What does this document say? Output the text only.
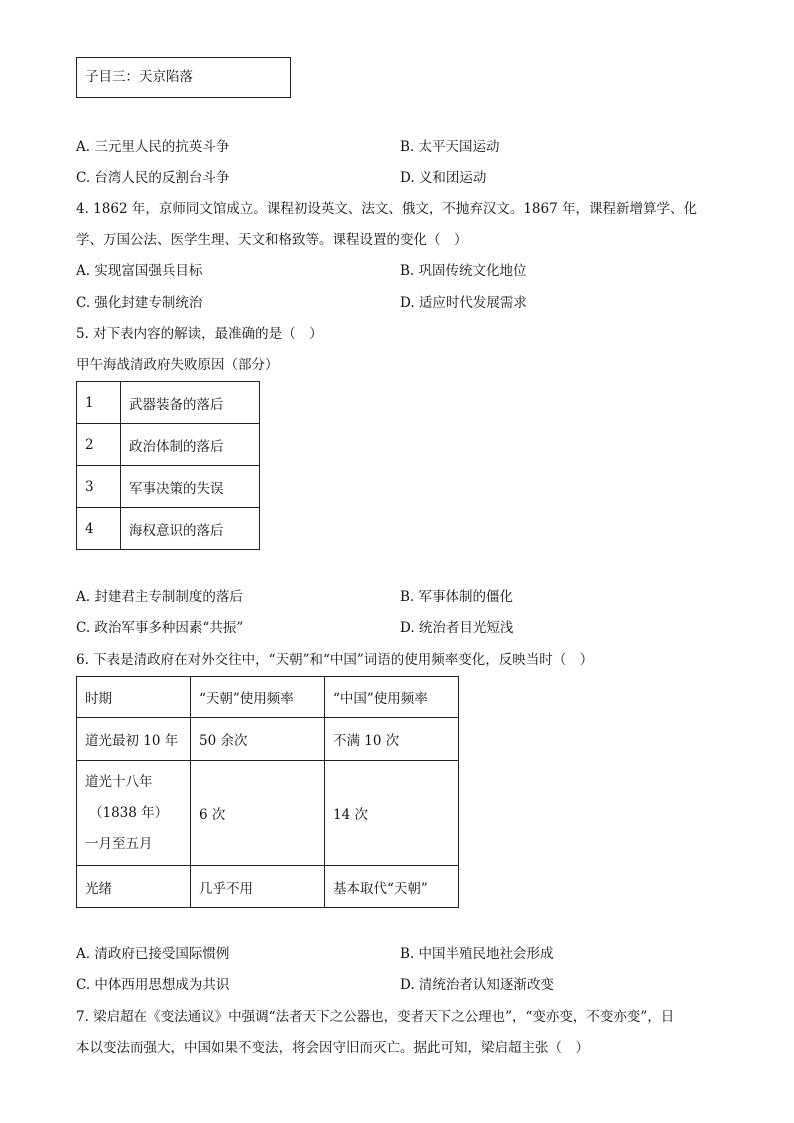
子目三：天京陷落
A. 三元里人民的抗英斗争	B. 太平天国运动
C. 台湾人民的反割台斗争	D. 义和团运动
4. 1862 年，京师同文馆成立。课程初设英文、法文、俄文，不抛弃汉文。1867 年，课程新增算学、化
学、万国公法、医学生理、天文和格致等。课程设置的变化（　）
A. 实现富国强兵目标	B. 巩固传统文化地位
C. 强化封建专制统治	D. 适应时代发展需求
5. 对下表内容的解读，最准确的是（　）
甲午海战清政府失败原因（部分）
1	武器装备的落后
2	政治体制的落后
3	军事决策的失误
4	海权意识的落后
A. 封建君主专制制度的落后	B. 军事体制的僵化
C. 政治军事多种因素“共振”	D. 统治者目光短浅
6. 下表是清政府在对外交往中，“天朝”和“中国”词语的使用频率变化，反映当时（　）
时期	“天朝”使用频率	“中国”使用频率
道光最初 10 年	50 余次	不满 10 次

道光十八年
（1838 年）
一月至五月	6 次	14 次
光绪	几乎不用	基本取代“天朝”
A. 清政府已接受国际惯例	B. 中国半殖民地社会形成
C. 中体西用思想成为共识	D. 清统治者认知逐渐改变
7. 梁启超在《变法通议》中强调“法者天下之公器也，变者天下之公理也”，“变亦变，不变亦变”，日
本以变法而强大，中国如果不变法，将会因守旧而灭亡。据此可知，梁启超主张（　）
